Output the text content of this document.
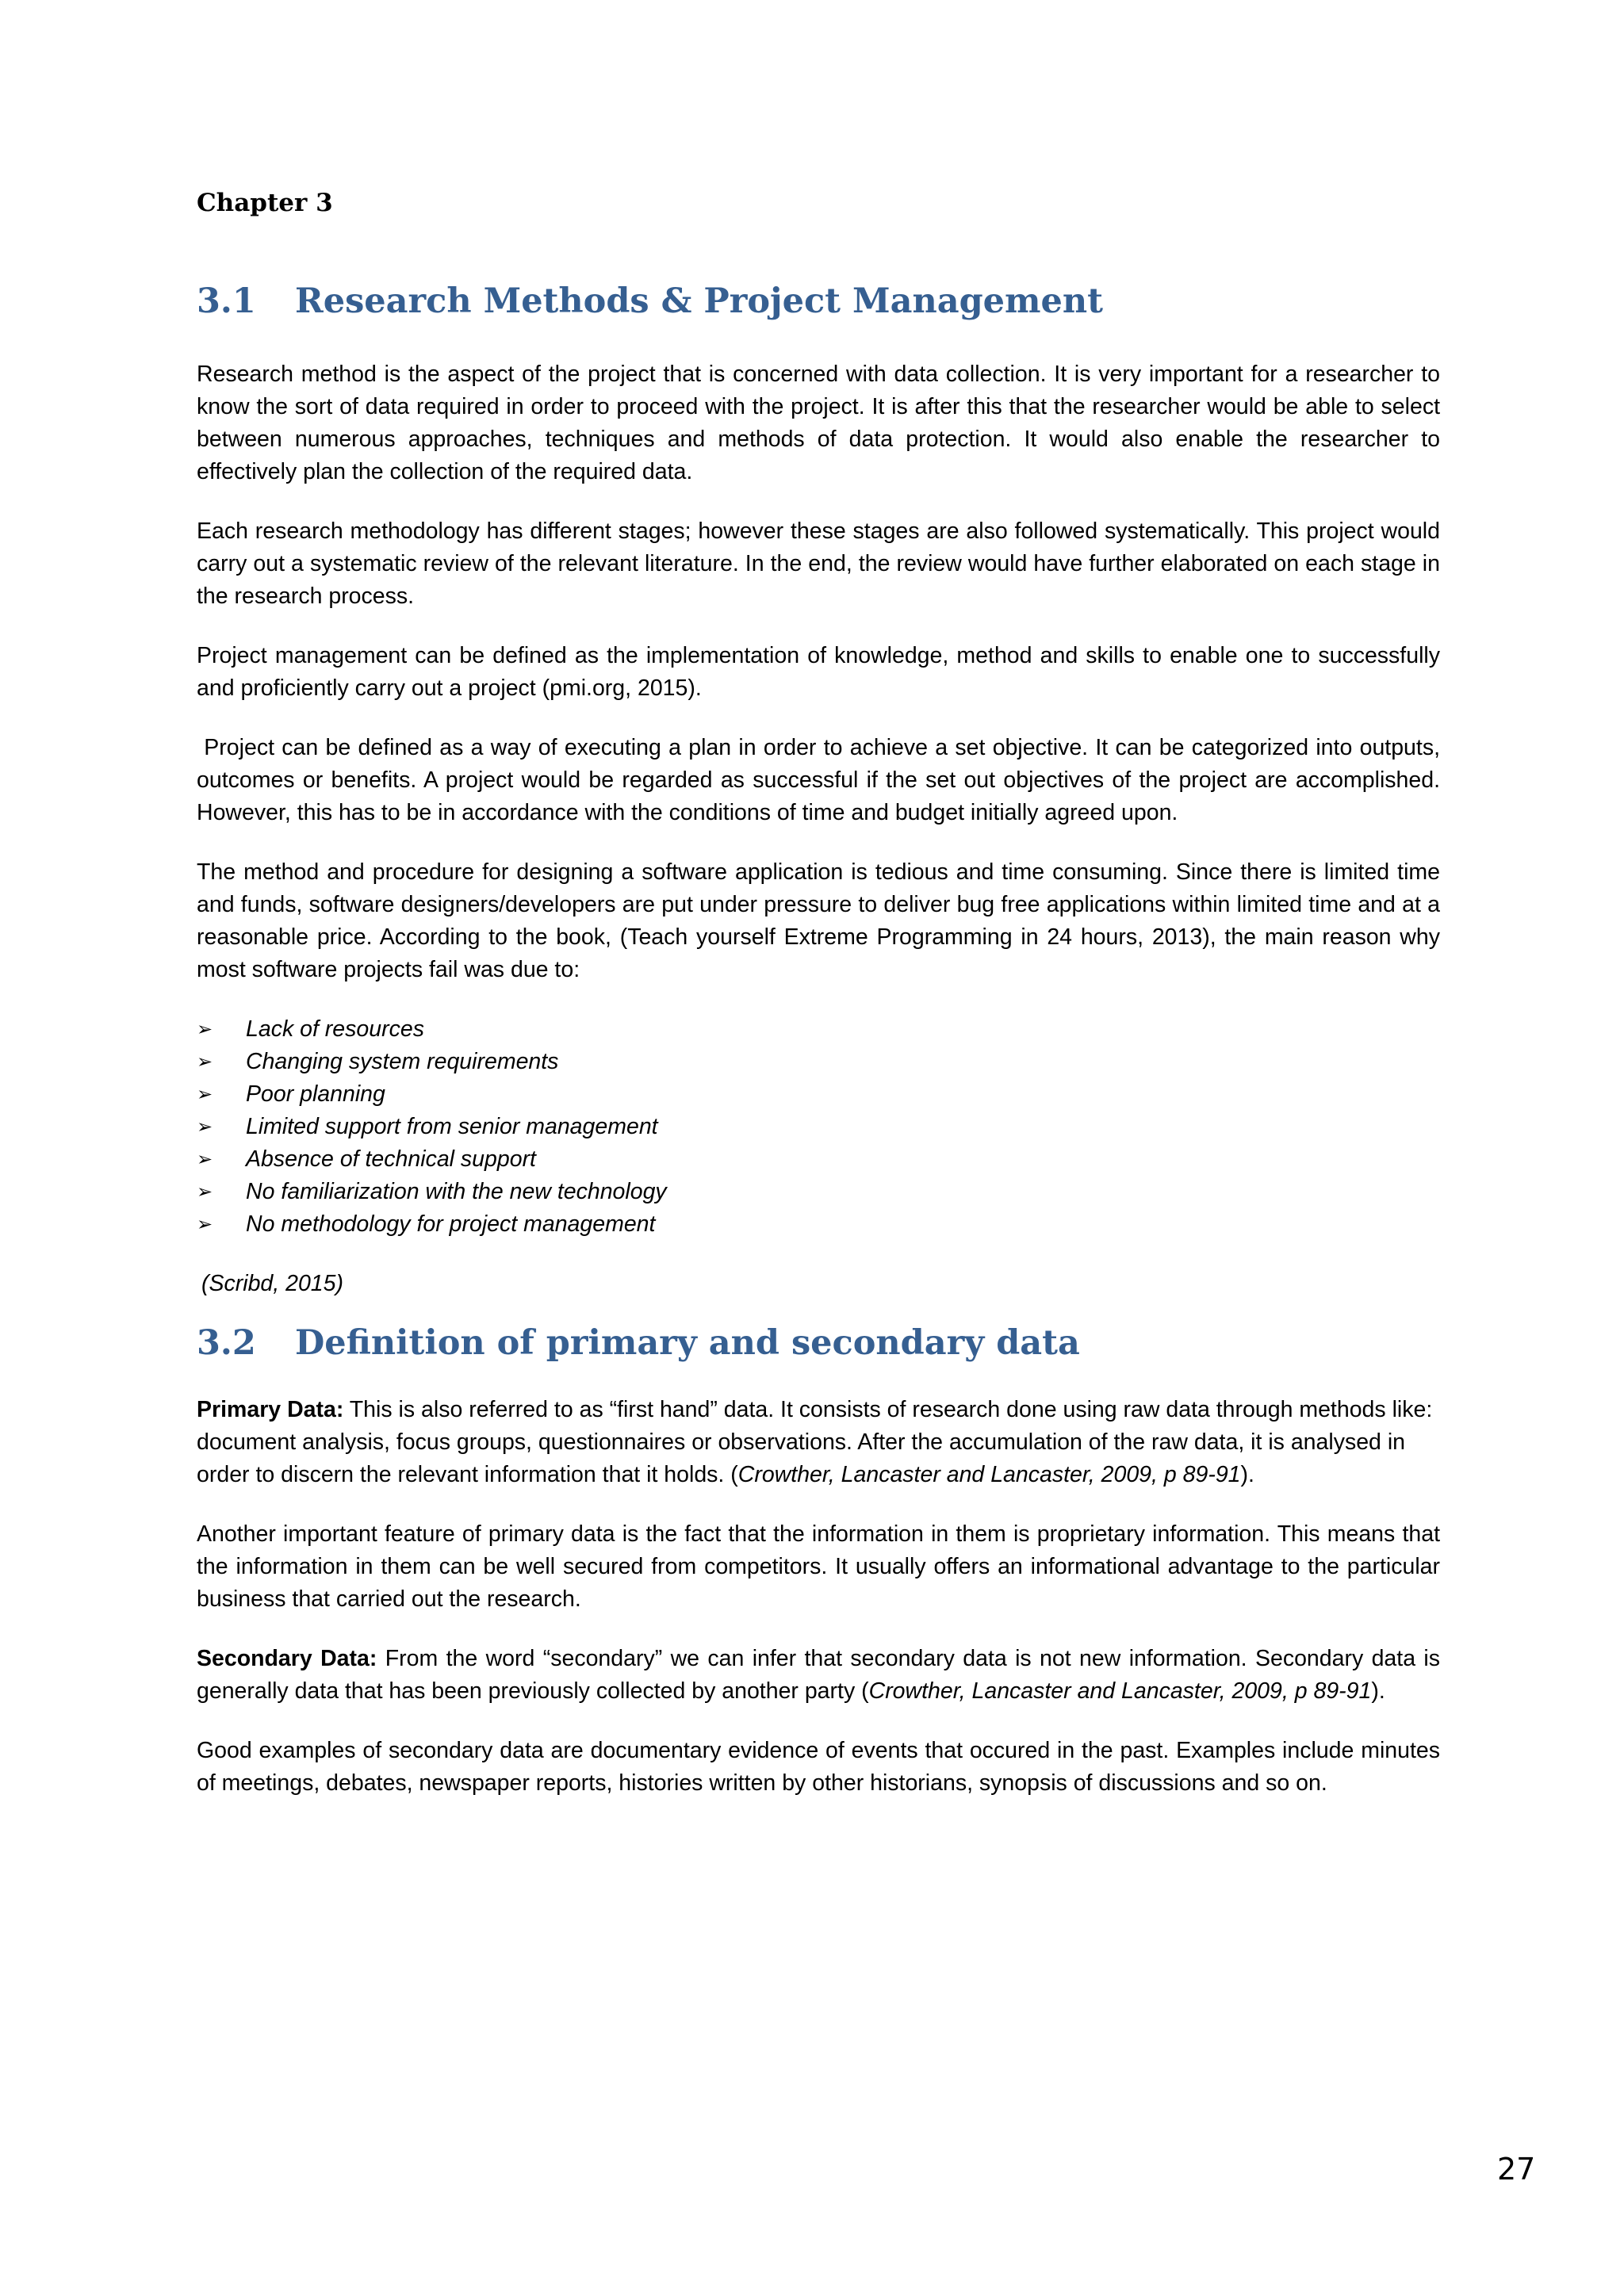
Chapter 3
3.1	Research Methods & Project Management

Research method is the aspect of the project that is concerned with data collection. It is very important for a researcher to know the sort of data required in order to proceed with the project. It is after this that the researcher would be able to select between numerous approaches, techniques and methods of data protection. It would also enable the researcher to effectively plan the collection of the required data.

Each research methodology has different stages; however these stages are also followed systematically. This project would carry out a systematic review of the relevant literature. In the end, the review would have further elaborated on each stage in the research process.

Project management can be defined as the implementation of knowledge, method and skills to enable one to successfully and proficiently carry out a project (pmi.org, 2015).

Project can be defined as a way of executing a plan in order to achieve a set objective. It can be categorized into outputs, outcomes or benefits. A project would be regarded as successful if the set out objectives of the project are accomplished. However, this has to be in accordance with the conditions of time and budget initially agreed upon.

The method and procedure for designing a software application is tedious and time consuming. Since there is limited time and funds, software designers/developers are put under pressure to deliver bug free applications within limited time and at a reasonable price. According to the book, (Teach yourself Extreme Programming in 24 hours, 2013), the main reason why most software projects fail was due to:

➢	Lack of resources
➢	Changing system requirements
➢	Poor planning
➢	Limited support from senior management
➢	Absence of technical support
➢	No familiarization with the new technology
➢	No methodology for project management
(Scribd, 2015)
3.2	Definition of primary and secondary data

Primary Data: This is also referred to as “first hand” data. It consists of research done using raw data through methods like: document analysis, focus groups, questionnaires or observations. After the accumulation of the raw data, it is analysed in order to discern the relevant information that it holds. (Crowther, Lancaster and Lancaster, 2009, p 89-91).

Another important feature of primary data is the fact that the information in them is proprietary information. This means that the information in them can be well secured from competitors. It usually offers an informational advantage to the particular business that carried out the research.

Secondary Data: From the word “secondary” we can infer that secondary data is not new information. Secondary data is generally data that has been previously collected by another party (Crowther, Lancaster and Lancaster, 2009, p 89-91).

Good examples of secondary data are documentary evidence of events that occured in the past. Examples include minutes of meetings, debates, newspaper reports, histories written by other historians, synopsis of discussions and so on.

27
